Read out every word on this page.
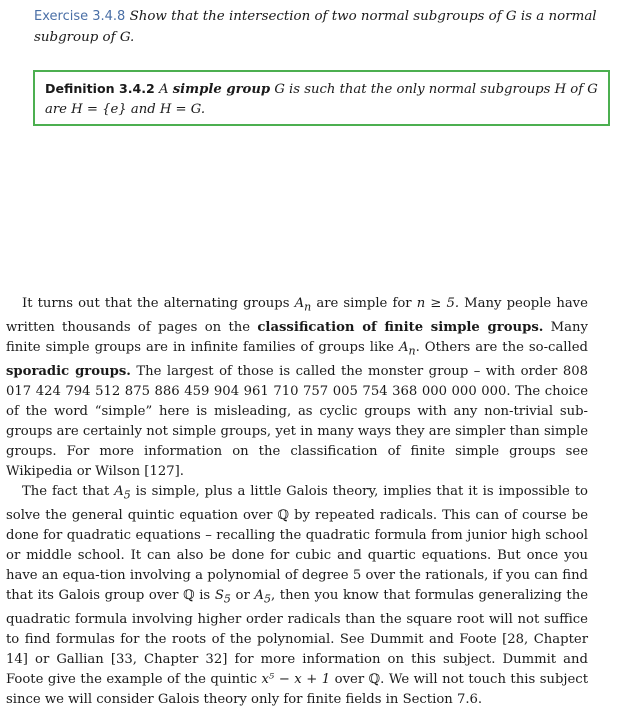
Exercise 3.4.8 Show that the intersection of two normal subgroups of G is a normal subgroup of G.
Definition 3.4.2 A simple group G is such that the only normal subgroups H of G are H = {e} and H = G.

It turns out that the alternating groups $A_n$ are simple for n ≥ 5. Many people have written thousands of pages on the classification of finite simple groups. Many finite simple groups are in infinite families of groups like $A_n$. Others are the so-called sporadic groups. The largest of those is called the monster group – with order 808 017 424 794 512 875 886 459 904 961 710 757 005 754 368 000 000 000. The choice of the word “simple” here is misleading, as cyclic groups with any non-trivial sub-groups are certainly not simple groups, yet in many ways they are simpler than simple groups. For more information on the classification of finite simple groups see Wikipedia or Wilson [127].

The fact that $A_5$ is simple, plus a little Galois theory, implies that it is impossible to solve the general quintic equation over ℚ by repeated radicals. This can of course be done for quadratic equations – recalling the quadratic formula from junior high school or middle school. It can also be done for cubic and quartic equations. But once you have an equa-tion involving a polynomial of degree 5 over the rationals, if you can find that its Galois group over ℚ is $S_5$ or $A_5$, then you know that formulas generalizing the quadratic formula involving higher order radicals than the square root will not suffice to find formulas for the roots of the polynomial. See Dummit and Foote [28, Chapter 14] or Gallian [33, Chapter 32] for more information on this subject. Dummit and Foote give the example of the quintic x⁵ − x + 1 over ℚ. We will not touch this subject since we will consider Galois theory only for finite fields in Section 7.6.
